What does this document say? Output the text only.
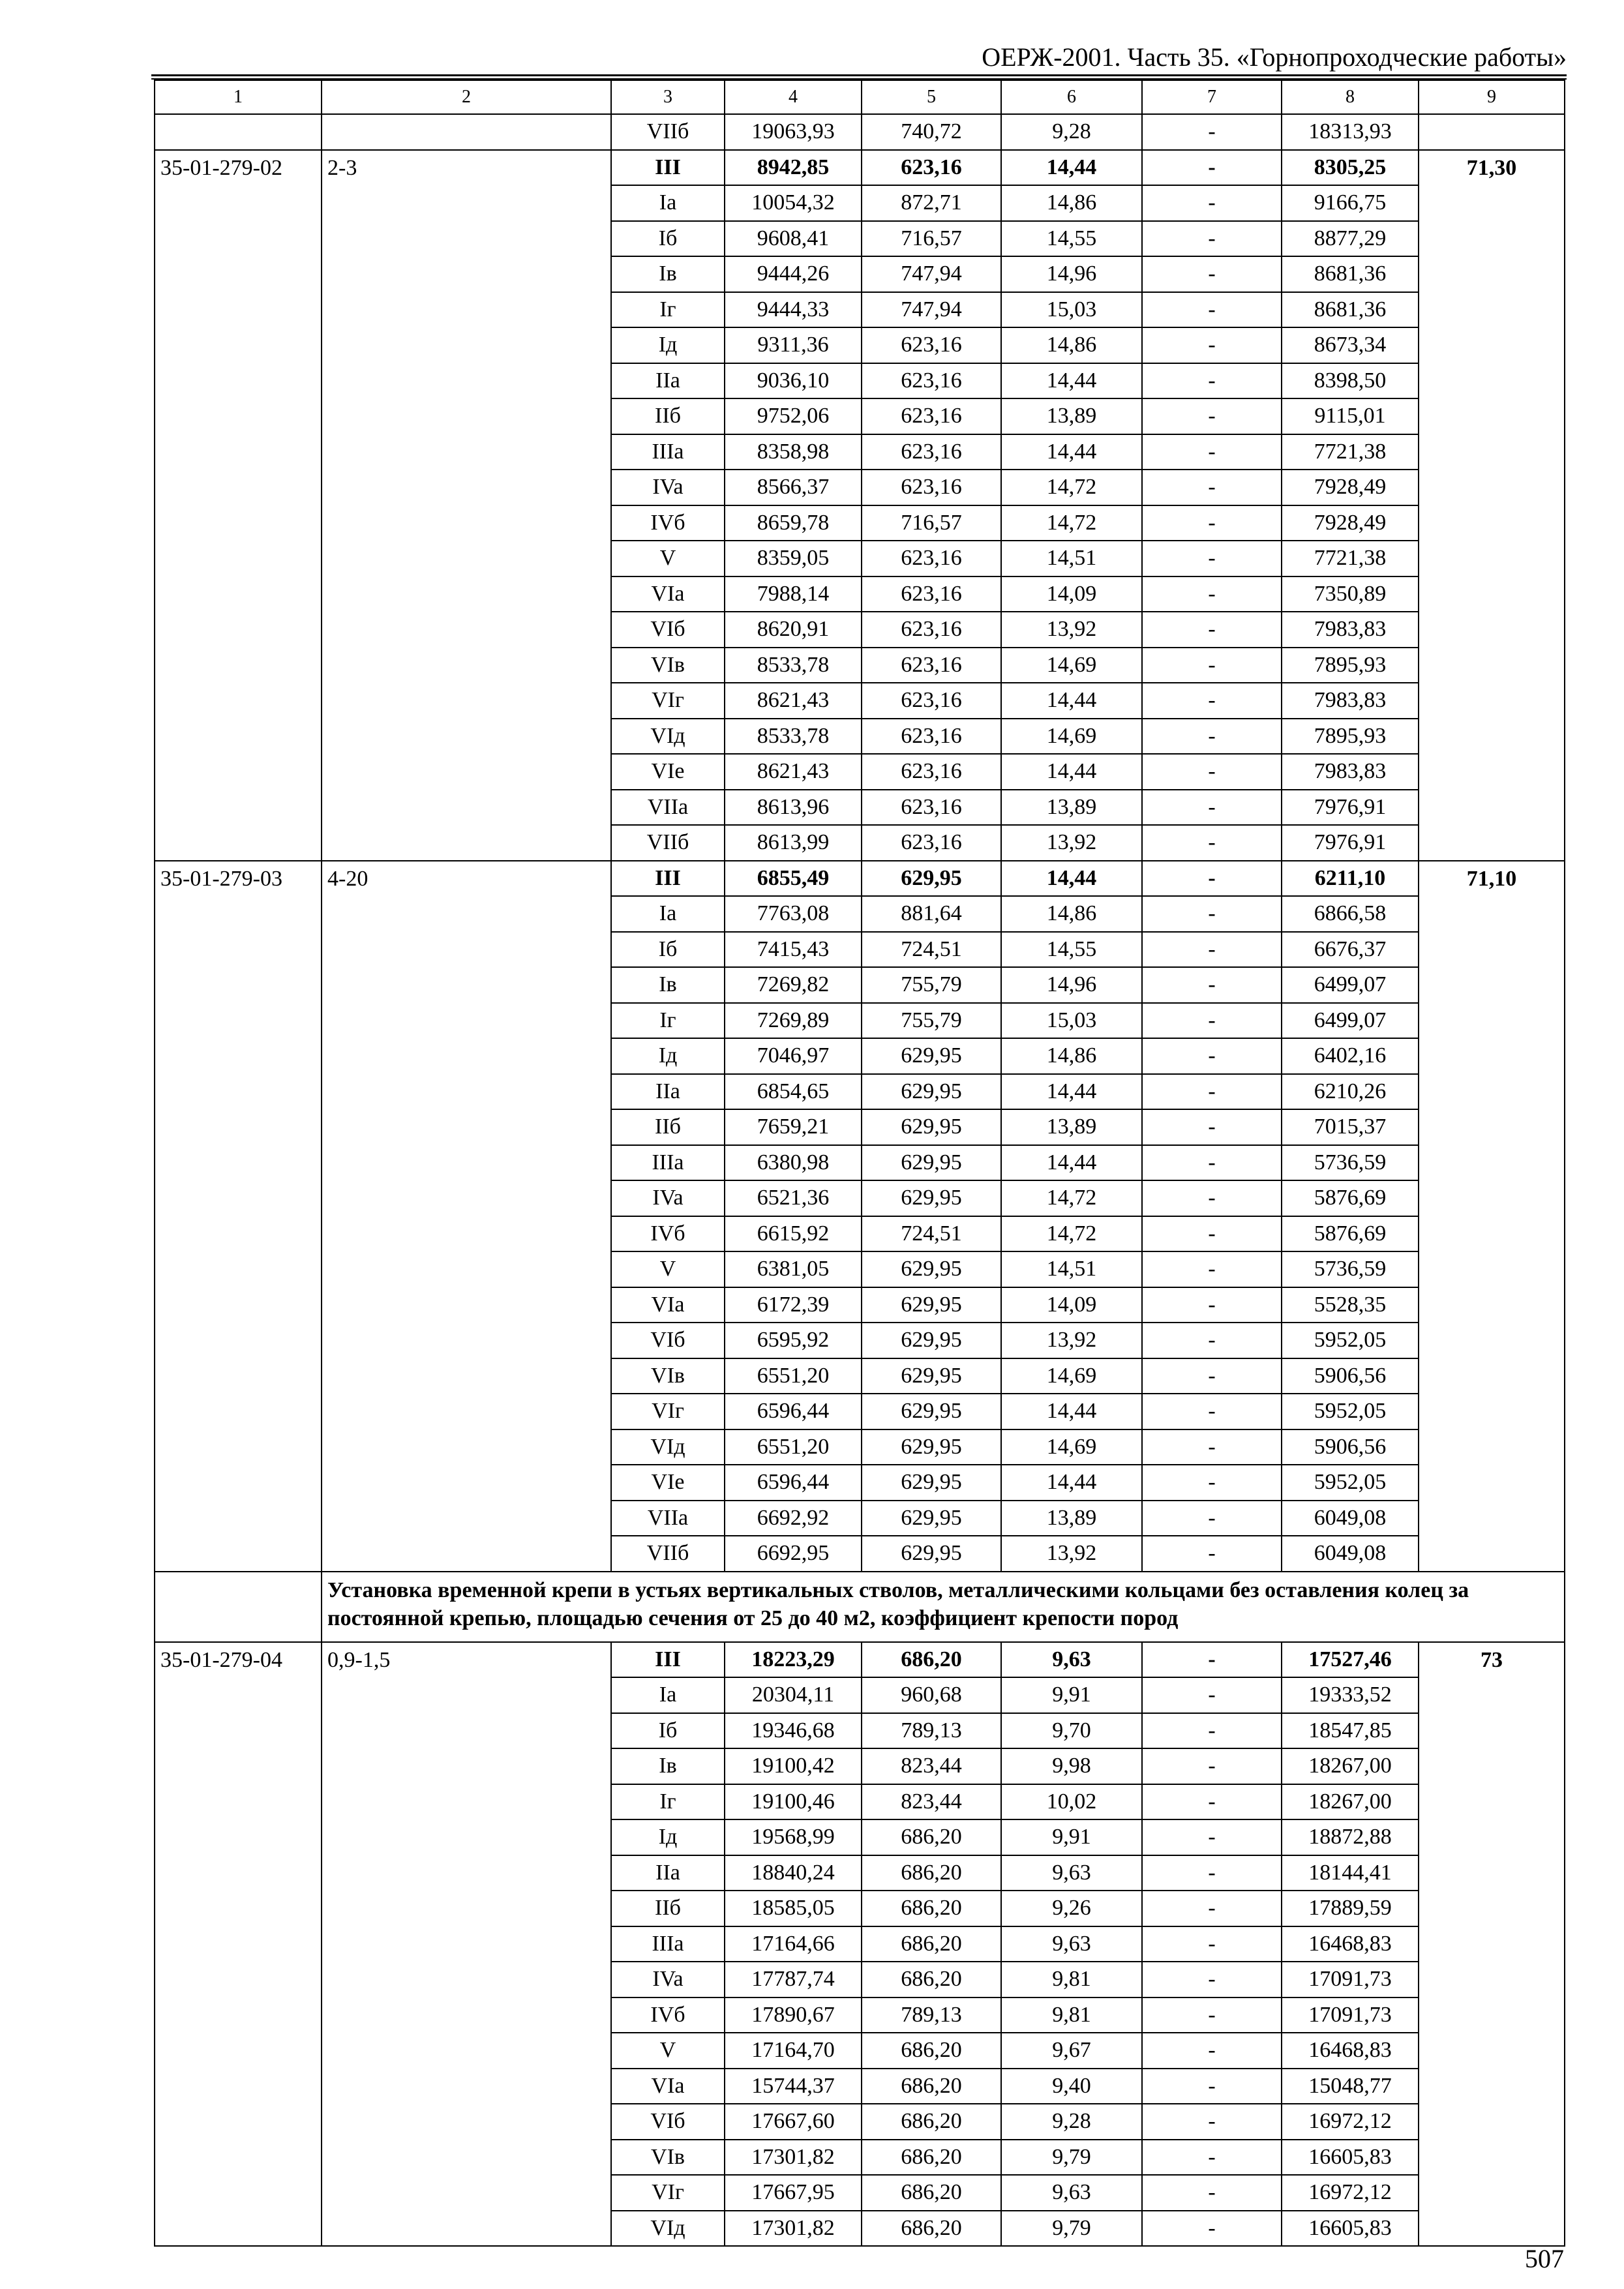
ОЕРЖ-2001. Часть 35. «Горнопроходческие работы»
1	2	3	4	5	6	7	8	9
		VIIб	19063,93	740,72	9,28	-	18313,93	
35-01-279-02	2-3	III	8942,85	623,16	14,44	-	8305,25	71,30
		Ia	10054,32	872,71	14,86	-	9166,75	
		Iб	9608,41	716,57	14,55	-	8877,29	
		Iв	9444,26	747,94	14,96	-	8681,36	
		Iг	9444,33	747,94	15,03	-	8681,36	
		Iд	9311,36	623,16	14,86	-	8673,34	
		IIa	9036,10	623,16	14,44	-	8398,50	
		IIб	9752,06	623,16	13,89	-	9115,01	
		IIIa	8358,98	623,16	14,44	-	7721,38	
		IVa	8566,37	623,16	14,72	-	7928,49	
		IVб	8659,78	716,57	14,72	-	7928,49	
		V	8359,05	623,16	14,51	-	7721,38	
		VIa	7988,14	623,16	14,09	-	7350,89	
		VIб	8620,91	623,16	13,92	-	7983,83	
		VIв	8533,78	623,16	14,69	-	7895,93	
		VIг	8621,43	623,16	14,44	-	7983,83	
		VIд	8533,78	623,16	14,69	-	7895,93	
		VIe	8621,43	623,16	14,44	-	7983,83	
		VIIa	8613,96	623,16	13,89	-	7976,91	
		VIIб	8613,99	623,16	13,92	-	7976,91	
35-01-279-03	4-20	III	6855,49	629,95	14,44	-	6211,10	71,10
		Ia	7763,08	881,64	14,86	-	6866,58	
		Iб	7415,43	724,51	14,55	-	6676,37	
		Iв	7269,82	755,79	14,96	-	6499,07	
		Iг	7269,89	755,79	15,03	-	6499,07	
		Iд	7046,97	629,95	14,86	-	6402,16	
		IIa	6854,65	629,95	14,44	-	6210,26	
		IIб	7659,21	629,95	13,89	-	7015,37	
		IIIa	6380,98	629,95	14,44	-	5736,59	
		IVa	6521,36	629,95	14,72	-	5876,69	
		IVб	6615,92	724,51	14,72	-	5876,69	
		V	6381,05	629,95	14,51	-	5736,59	
		VIa	6172,39	629,95	14,09	-	5528,35	
		VIб	6595,92	629,95	13,92	-	5952,05	
		VIв	6551,20	629,95	14,69	-	5906,56	
		VIг	6596,44	629,95	14,44	-	5952,05	
		VIд	6551,20	629,95	14,69	-	5906,56	
		VIe	6596,44	629,95	14,44	-	5952,05	
		VIIa	6692,92	629,95	13,89	-	6049,08	
		VIIб	6692,95	629,95	13,92	-	6049,08	
	Установка временной крепи в устьях вертикальных стволов, металлическими кольцами без оставления колец за постоянной крепью, площадью сечения от 25 до 40 м2, коэффициент крепости пород							
35-01-279-04	0,9-1,5	III	18223,29	686,20	9,63	-	17527,46	73
		Ia	20304,11	960,68	9,91	-	19333,52	
		Iб	19346,68	789,13	9,70	-	18547,85	
		Iв	19100,42	823,44	9,98	-	18267,00	
		Iг	19100,46	823,44	10,02	-	18267,00	
		Iд	19568,99	686,20	9,91	-	18872,88	
		IIa	18840,24	686,20	9,63	-	18144,41	
		IIб	18585,05	686,20	9,26	-	17889,59	
		IIIa	17164,66	686,20	9,63	-	16468,83	
		IVa	17787,74	686,20	9,81	-	17091,73	
		IVб	17890,67	789,13	9,81	-	17091,73	
		V	17164,70	686,20	9,67	-	16468,83	
		VIa	15744,37	686,20	9,40	-	15048,77	
		VIб	17667,60	686,20	9,28	-	16972,12	
		VIв	17301,82	686,20	9,79	-	16605,83	
		VIг	17667,95	686,20	9,63	-	16972,12	
		VIд	17301,82	686,20	9,79	-	16605,83	
507
